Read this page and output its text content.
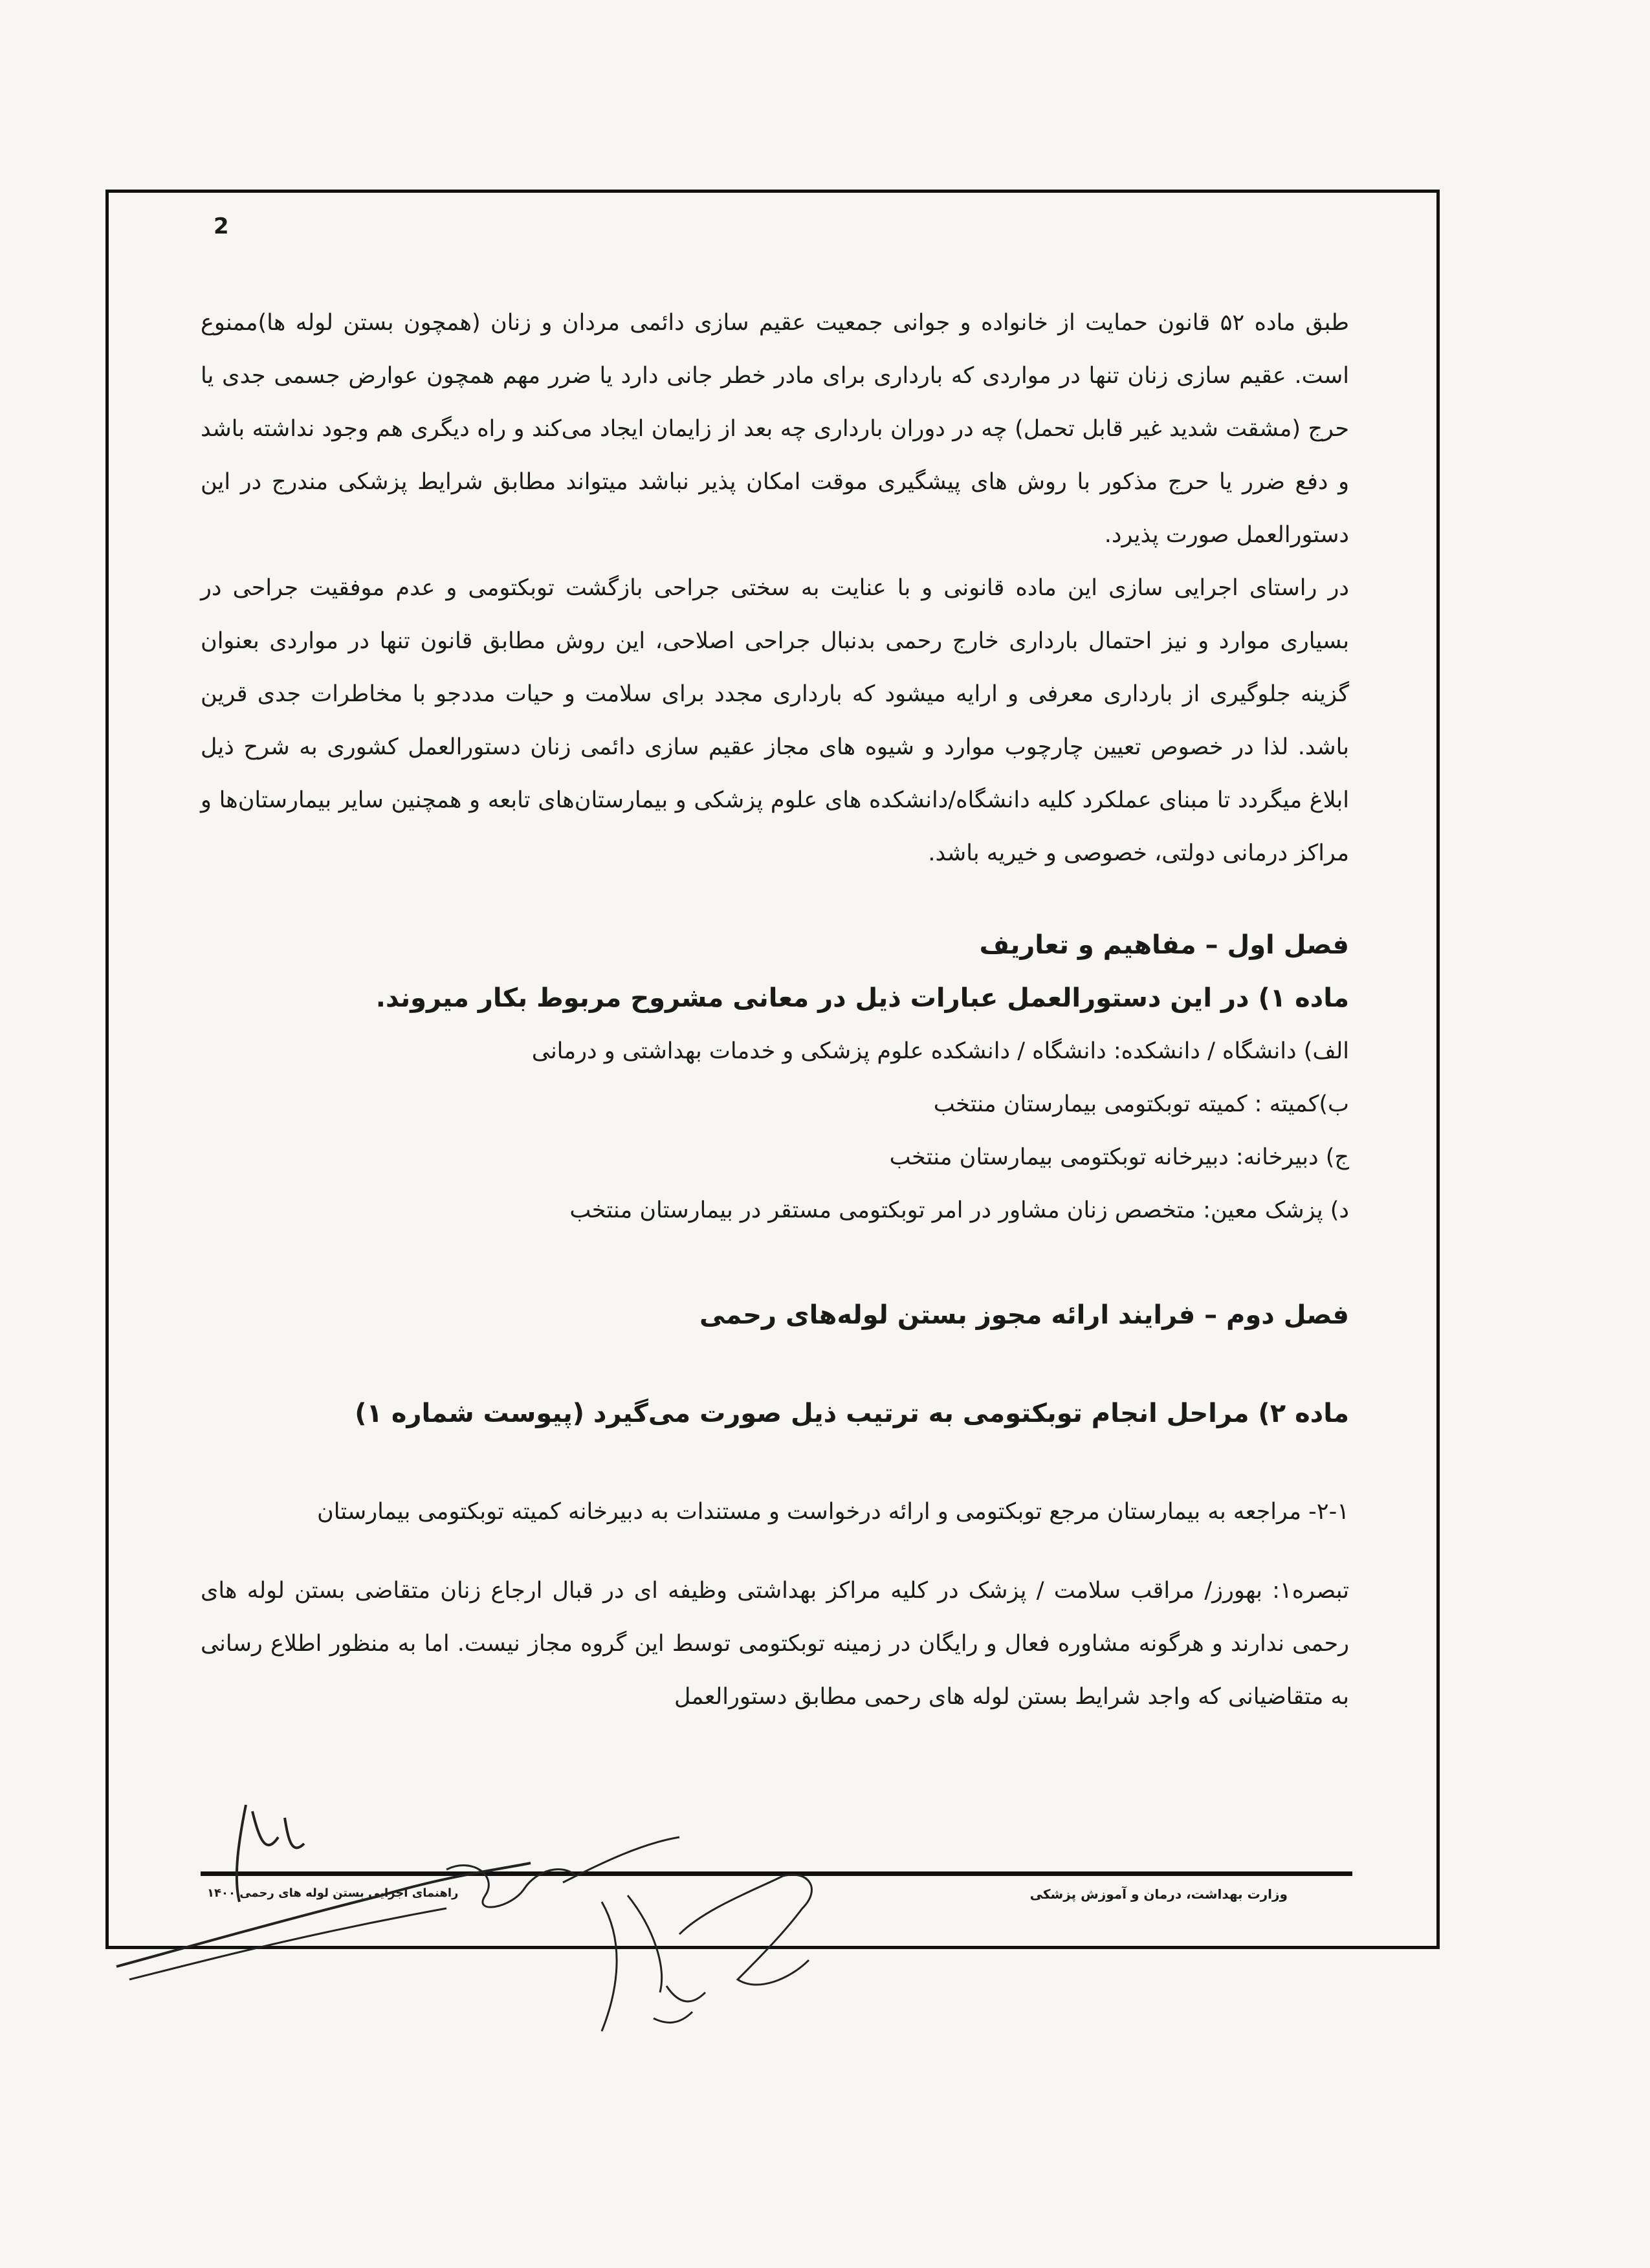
2

طبق ماده ۵۲ قانون حمایت از خانواده و جوانی جمعیت عقیم سازی دائمی مردان و زنان (همچون بستن لوله ها)ممنوع است. عقیم سازی زنان تنها در مواردی که بارداری برای مادر خطر جانی دارد یا ضرر مهم همچون عوارض جسمی جدی یا حرج (مشقت شدید غیر قابل تحمل) چه در دوران بارداری چه بعد از زایمان ایجاد می‌کند و راه دیگری هم وجود نداشته باشد و دفع ضرر یا حرج مذکور با روش های پیشگیری موقت امکان پذیر نباشد میتواند مطابق شرایط پزشکی مندرج در این دستورالعمل صورت پذیرد.

در راستای اجرایی سازی این ماده قانونی و با عنایت به سختی جراحی بازگشت توبکتومی و عدم موفقیت جراحی در بسیاری موارد و نیز احتمال بارداری خارج رحمی بدنبال جراحی اصلاحی، این روش مطابق قانون تنها در مواردی بعنوان گزینه جلوگیری از بارداری معرفی و ارایه میشود که بارداری مجدد برای سلامت و حیات مددجو با مخاطرات جدی قرین باشد. لذا در خصوص تعیین چارچوب موارد و شیوه های مجاز عقیم سازی دائمی زنان دستورالعمل کشوری به شرح ذیل ابلاغ میگردد تا مبنای عملکرد کلیه دانشگاه/دانشکده های علوم پزشکی و بیمارستان‌های تابعه و همچنین سایر بیمارستان‌ها و مراکز درمانی دولتی، خصوصی و خیریه باشد.

فصل اول – مفاهیم و تعاریف

ماده ۱) در این دستورالعمل عبارات ذیل در معانی مشروح مربوط بکار میروند.

الف) دانشگاه / دانشکده: دانشگاه / دانشکده علوم پزشکی و خدمات بهداشتی و درمانی

ب)کمیته : کمیته توبکتومی بیمارستان منتخب

ج) دبیرخانه: دبیرخانه توبکتومی بیمارستان منتخب

د) پزشک معین: متخصص زنان مشاور در امر توبکتومی مستقر در بیمارستان منتخب

فصل دوم – فرایند ارائه مجوز بستن لوله‌های رحمی

ماده ۲) مراحل انجام توبکتومی به ترتیب ذیل صورت می‌گیرد (پیوست شماره ۱)

۲-۱- مراجعه به بیمارستان مرجع توبکتومی و ارائه درخواست و مستندات به دبیرخانه کمیته توبکتومی بیمارستان

تبصره۱: بهورز/ مراقب سلامت / پزشک در کلیه مراکز بهداشتی وظیفه ای در قبال ارجاع زنان متقاضی بستن لوله های رحمی ندارند و هرگونه مشاوره فعال و رایگان در زمینه توبکتومی توسط این گروه مجاز نیست. اما به منظور اطلاع رسانی به متقاضیانی که واجد شرایط بستن لوله های رحمی مطابق دستورالعمل

وزارت بهداشت، درمان و آموزش پزشکی
راهنمای اجرایی بستن لوله های رحمی ۱۴۰۰
